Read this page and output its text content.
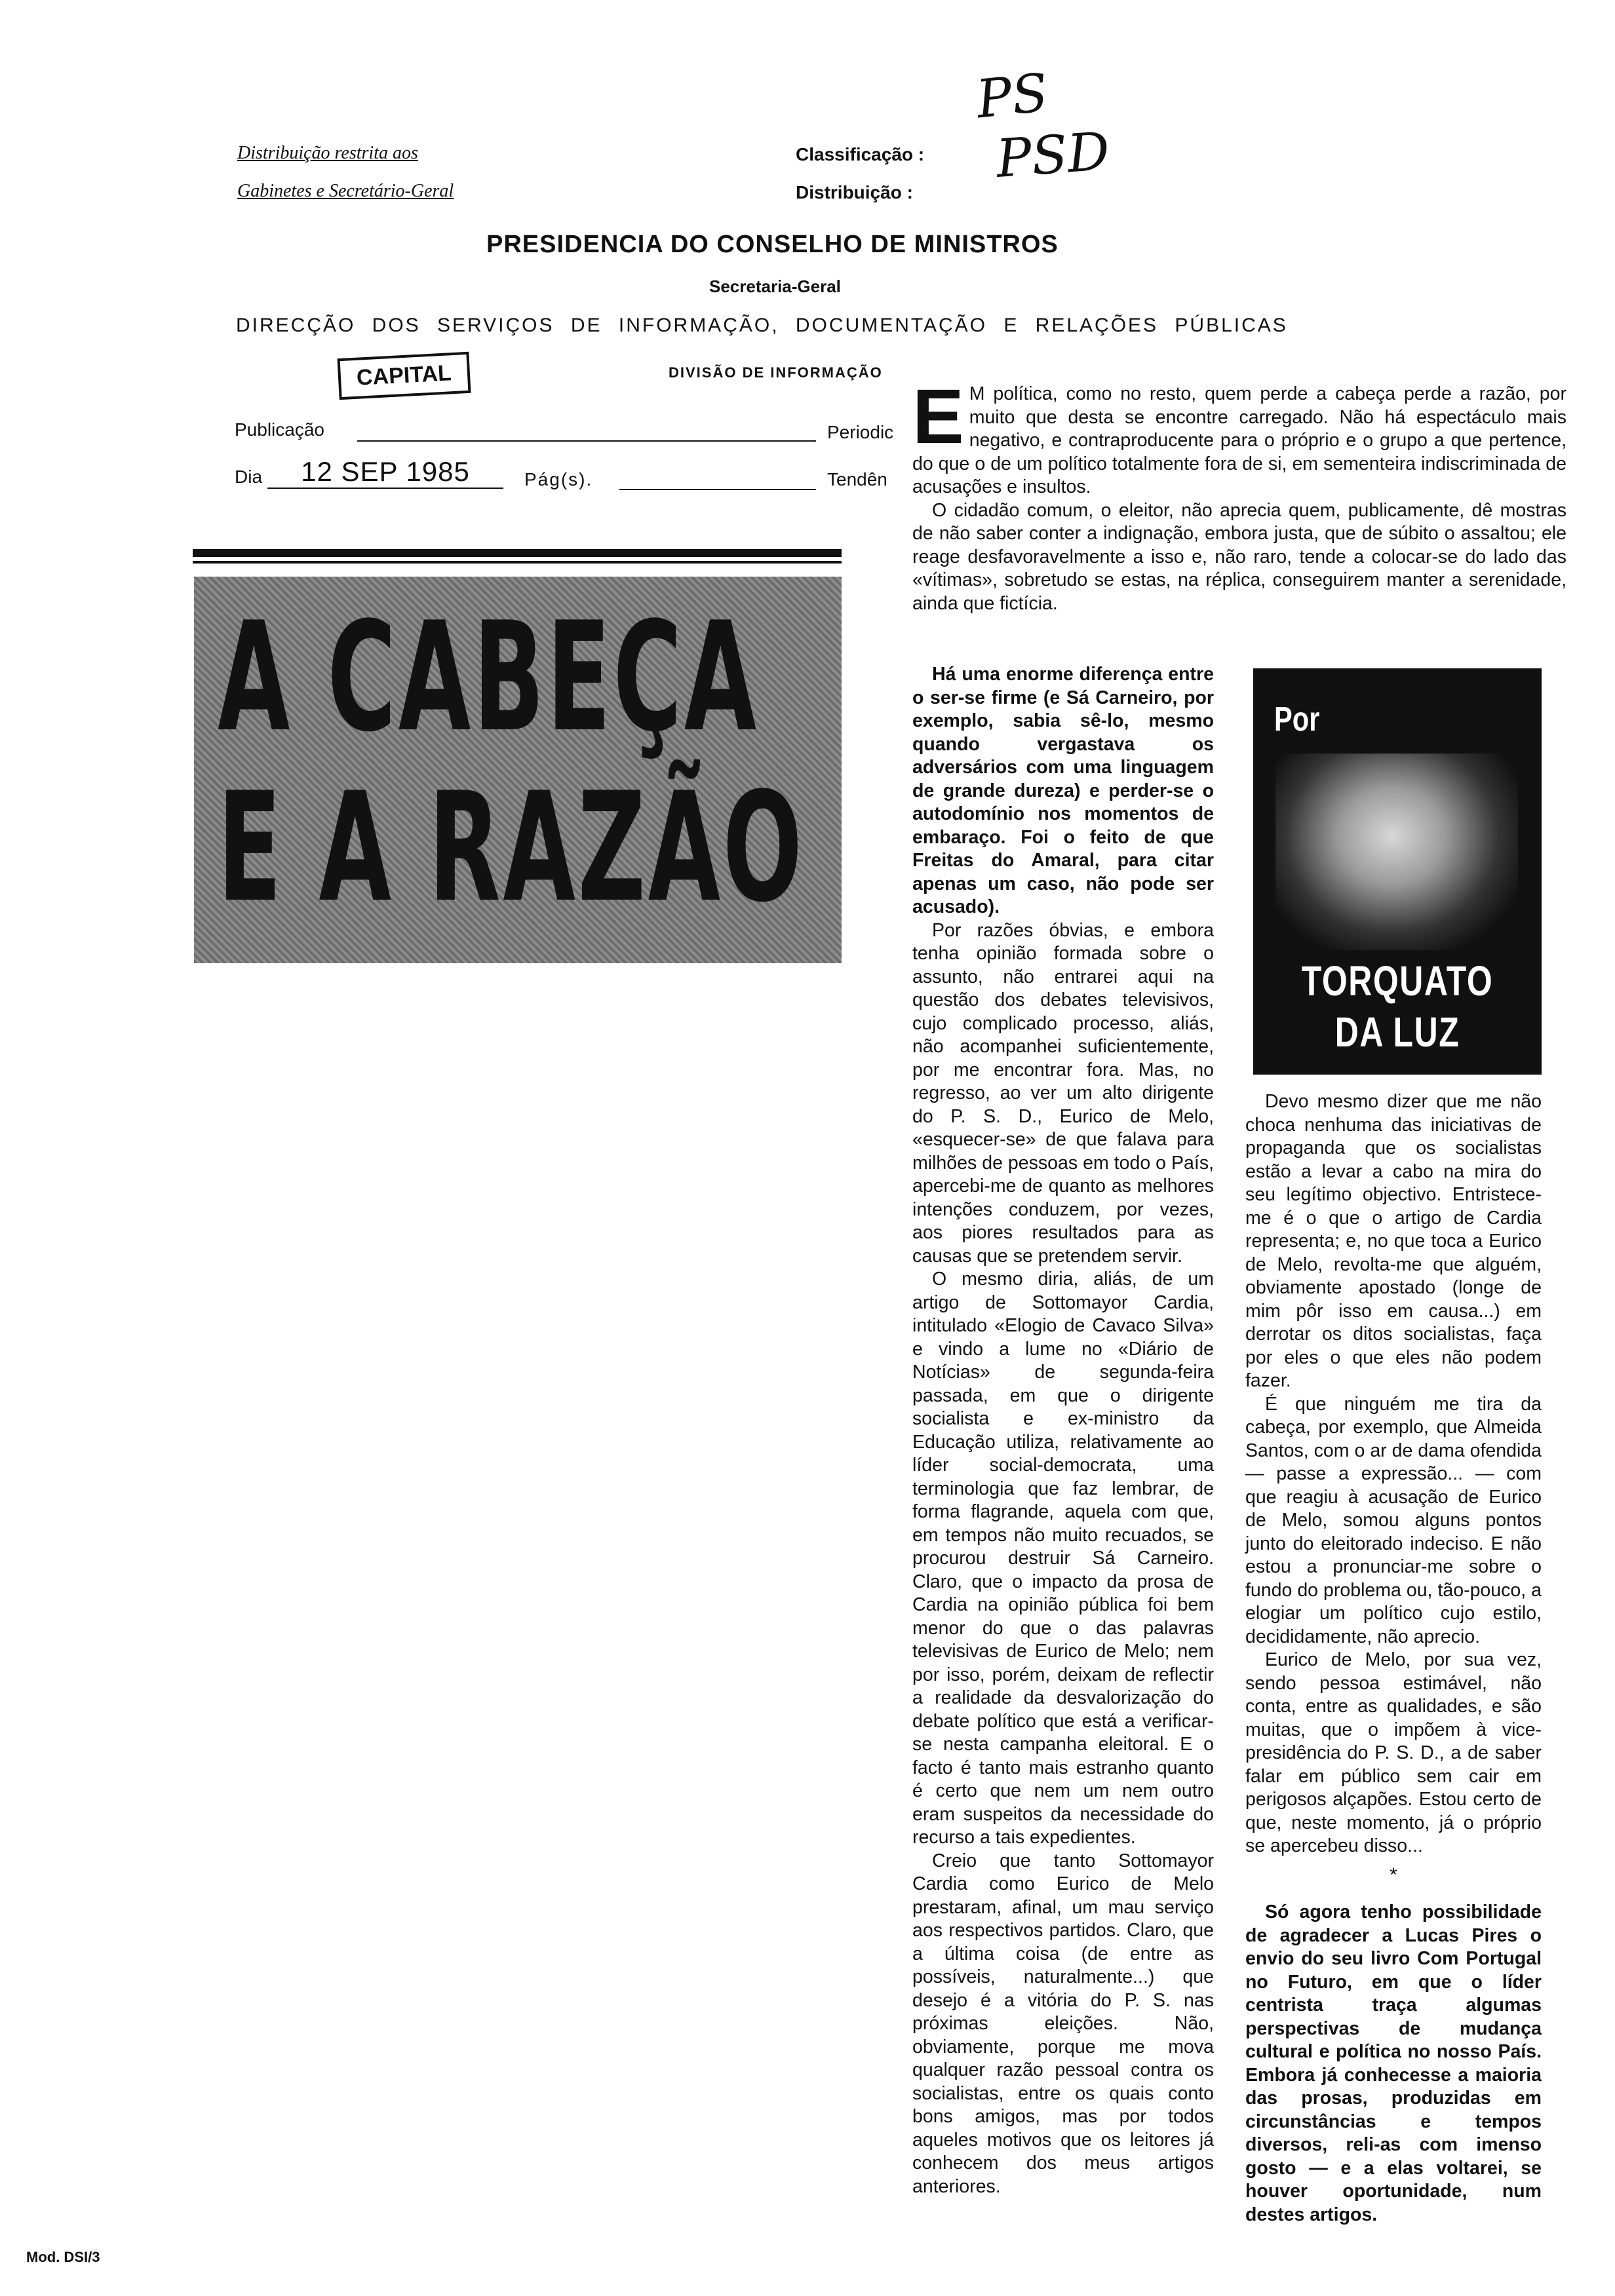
Distribuição restrita aos
Gabinetes e Secretário-Geral
Classificação :
Distribuição :
PS
PSD
PRESIDENCIA DO CONSELHO DE MINISTROS
Secretaria-Geral
DIRECÇÃO DOS SERVIÇOS DE INFORMAÇÃO, DOCUMENTAÇÃO E RELAÇÕES PÚBLICAS
DIVISÃO DE INFORMAÇÃO
CAPITAL
Publicação	Periodic
Dia	12 SEP 1985	Pág(s).	Tendên
A CABEÇA
E A RAZÃO

E M política, como no resto, quem perde a cabeça perde a razão, por muito que desta se encontre carregado. Não há espectáculo mais negativo, e contraproducente para o próprio e o grupo a que pertence, do que o de um político totalmente fora de si, em sementeira indiscriminada de acusações e insultos.

O cidadão comum, o eleitor, não aprecia quem, publicamente, dê mostras de não saber conter a indignação, embora justa, que de súbito o assaltou; ele reage desfavoravelmente a isso e, não raro, tende a colocar-se do lado das «vítimas», sobretudo se estas, na réplica, conseguirem manter a serenidade, ainda que fictícia.

Há uma enorme diferença entre o ser-se firme (e Sá Carneiro, por exemplo, sabia sê-lo, mesmo quando vergastava os adversários com uma linguagem de grande dureza) e perder-se o autodomínio nos momentos de embaraço. Foi o feito de que Freitas do Amaral, para citar apenas um caso, não pode ser acusado).

Por razões óbvias, e embora tenha opinião formada sobre o assunto, não entrarei aqui na questão dos debates televisivos, cujo complicado processo, aliás, não acompanhei suficientemente, por me encontrar fora. Mas, no regresso, ao ver um alto dirigente do P. S. D., Eurico de Melo, «esquecer-se» de que falava para milhões de pessoas em todo o País, apercebi-me de quanto as melhores intenções conduzem, por vezes, aos piores resultados para as causas que se pretendem servir.

O mesmo diria, aliás, de um artigo de Sottomayor Cardia, intitulado «Elogio de Cavaco Silva» e vindo a lume no «Diário de Notícias» de segunda-feira passada, em que o dirigente socialista e ex-ministro da Educação utiliza, relativamente ao líder social-democrata, uma terminologia que faz lembrar, de forma flagrande, aquela com que, em tempos não muito recuados, se procurou destruir Sá Carneiro. Claro, que o impacto da prosa de Cardia na opinião pública foi bem menor do que o das palavras televisivas de Eurico de Melo; nem por isso, porém, deixam de reflectir a realidade da desvalorização do debate político que está a verificar-se nesta campanha eleitoral. E o facto é tanto mais estranho quanto é certo que nem um nem outro eram suspeitos da necessidade do recurso a tais expedientes.

Creio que tanto Sottomayor Cardia como Eurico de Melo prestaram, afinal, um mau serviço aos respectivos partidos. Claro, que a última coisa (de entre as possíveis, naturalmente...) que desejo é a vitória do P. S. nas próximas eleições. Não, obviamente, porque me mova qualquer razão pessoal contra os socialistas, entre os quais conto bons amigos, mas por todos aqueles motivos que os leitores já conhecem dos meus artigos anteriores.

Por
TORQUATO
DA LUZ

Devo mesmo dizer que me não choca nenhuma das iniciativas de propaganda que os socialistas estão a levar a cabo na mira do seu legítimo objectivo. Entristece-me é o que o artigo de Cardia representa; e, no que toca a Eurico de Melo, revolta-me que alguém, obviamente apostado (longe de mim pôr isso em causa...) em derrotar os ditos socialistas, faça por eles o que eles não podem fazer.

É que ninguém me tira da cabeça, por exemplo, que Almeida Santos, com o ar de dama ofendida — passe a expressão... — com que reagiu à acusação de Eurico de Melo, somou alguns pontos junto do eleitorado indeciso. E não estou a pronunciar-me sobre o fundo do problema ou, tão-pouco, a elogiar um político cujo estilo, decididamente, não aprecio.

Eurico de Melo, por sua vez, sendo pessoa estimável, não conta, entre as qualidades, e são muitas, que o impõem à vice-presidência do P. S. D., a de saber falar em público sem cair em perigosos alçapões. Estou certo de que, neste momento, já o próprio se apercebeu disso...

*

Só agora tenho possibilidade de agradecer a Lucas Pires o envio do seu livro Com Portugal no Futuro, em que o líder centrista traça algumas perspectivas de mudança cultural e política no nosso País. Embora já conhecesse a maioria das prosas, produzidas em circunstâncias e tempos diversos, reli-as com imenso gosto — e a elas voltarei, se houver oportunidade, num destes artigos.

Mod. DSI/3
